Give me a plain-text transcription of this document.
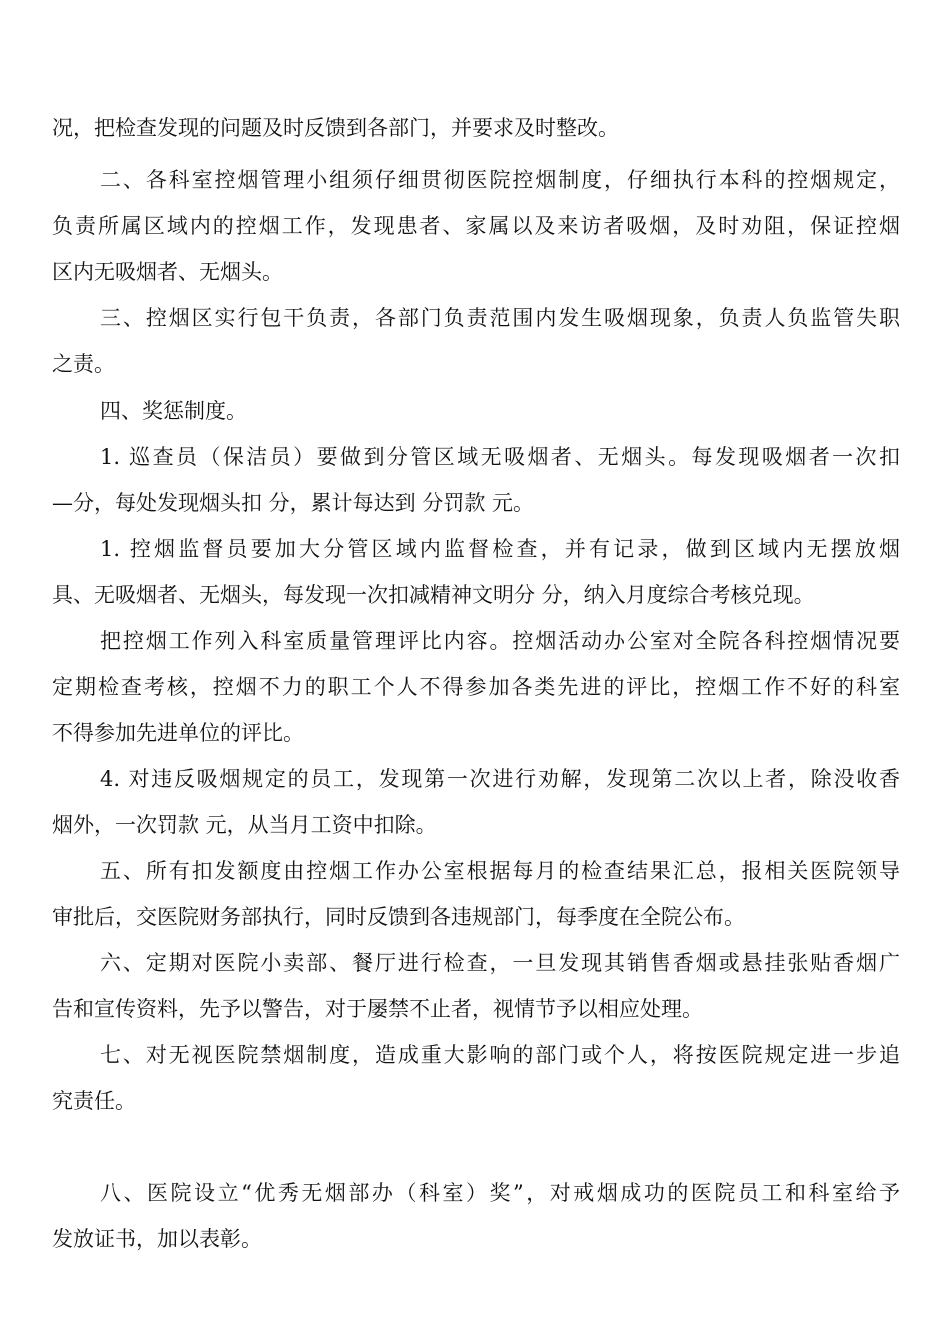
况，把检查发现的问题及时反馈到各部门，并要求及时整改。
二、各科室控烟管理小组须仔细贯彻医院控烟制度，仔细执行本科的控烟规定，
负责所属区域内的控烟工作，发现患者、家属以及来访者吸烟，及时劝阻，保证控烟
区内无吸烟者、无烟头。
三、控烟区实行包干负责，各部门负责范围内发生吸烟现象，负责人负监管失职
之责。
四、奖惩制度。
1. 巡查员（保洁员）要做到分管区域无吸烟者、无烟头。每发现吸烟者一次扣
—分，每处发现烟头扣 分，累计每达到 分罚款 元。
1. 控烟监督员要加大分管区域内监督检查，并有记录，做到区域内无摆放烟
具、无吸烟者、无烟头，每发现一次扣减精神文明分 分，纳入月度综合考核兑现。
把控烟工作列入科室质量管理评比内容。控烟活动办公室对全院各科控烟情况要
定期检查考核，控烟不力的职工个人不得参加各类先进的评比，控烟工作不好的科室
不得参加先进单位的评比。
4. 对违反吸烟规定的员工，发现第一次进行劝解，发现第二次以上者，除没收香
烟外，一次罚款 元，从当月工资中扣除。
五、所有扣发额度由控烟工作办公室根据每月的检查结果汇总，报相关医院领导
审批后，交医院财务部执行，同时反馈到各违规部门，每季度在全院公布。
六、定期对医院小卖部、餐厅进行检查，一旦发现其销售香烟或悬挂张贴香烟广
告和宣传资料，先予以警告，对于屡禁不止者，视情节予以相应处理。
七、对无视医院禁烟制度，造成重大影响的部门或个人，将按医院规定进一步追
究责任。
八、医院设立“优秀无烟部办（科室）奖”，对戒烟成功的医院员工和科室给予
发放证书，加以表彰。
